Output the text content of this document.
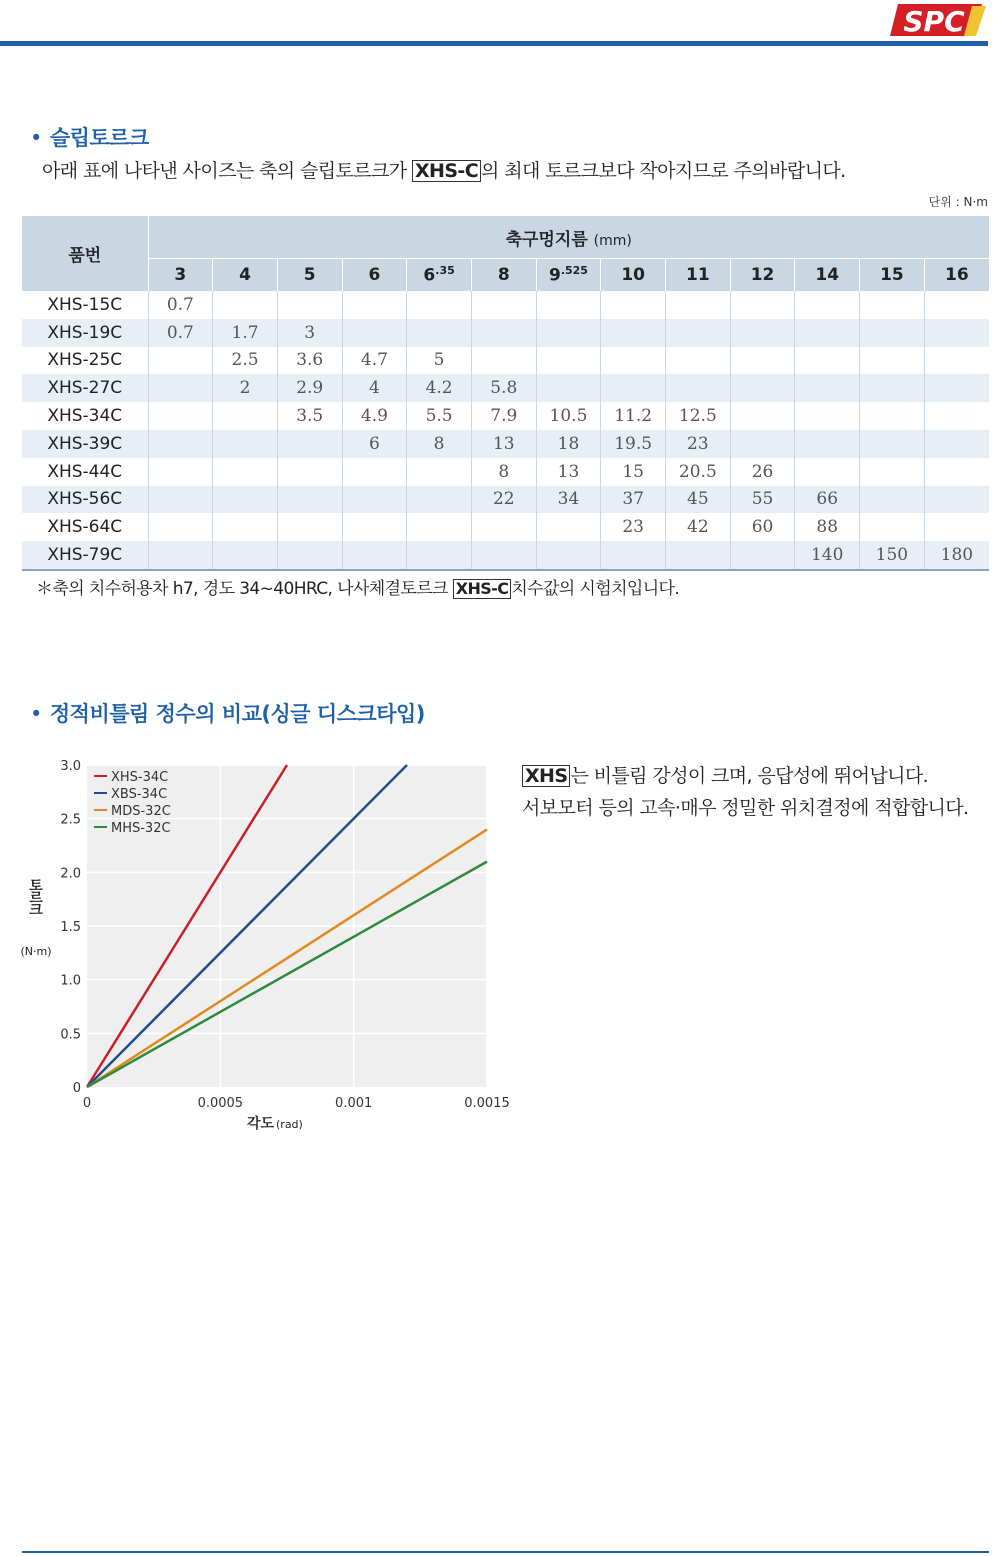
SPC
• 슬립토르크
아래 표에 나타낸 사이즈는 축의 슬립토르크가 XHS-C 의 최대 토르크보다 작아지므로 주의바랍니다.
단위 : N·m
품번	축구멍지름 (mm)												
	3	4	5	6	$6^{.35}$	8	$9^{.525}$	10	11	12	14	15	16
XHS-15C	0.7												
XHS-19C	0.7	1.7	3										
XHS-25C		2.5	3.6	4.7	5								
XHS-27C		2	2.9	4	4.2	5.8							
XHS-34C			3.5	4.9	5.5	7.9	10.5	11.2	12.5				
XHS-39C				6	8	13	18	19.5	23				
XHS-44C						8	13	15	20.5	26			
XHS-56C						22	34	37	45	55	66		
XHS-64C								23	42	60	88		
XHS-79C											140	150	180
＊축의 치수허용차 h7, 경도 34~40HRC, 나사체결토르크 XHS-C 치수값의 시험치입니다.
• 정적비틀림 정수의 비교(싱글 디스크타입)
0
0.5
1.0
1.5
2.0
2.5
3.0
0	0.0005	0.001	0.0015
XHS-34C
XBS-34C
MDS-32C
MHS-32C
토르크
(N·m)
각도 (rad)
XHS 는 비틀림 강성이 크며, 응답성에 뛰어납니다.
서보모터 등의 고속·매우 정밀한 위치결정에 적합합니다.
